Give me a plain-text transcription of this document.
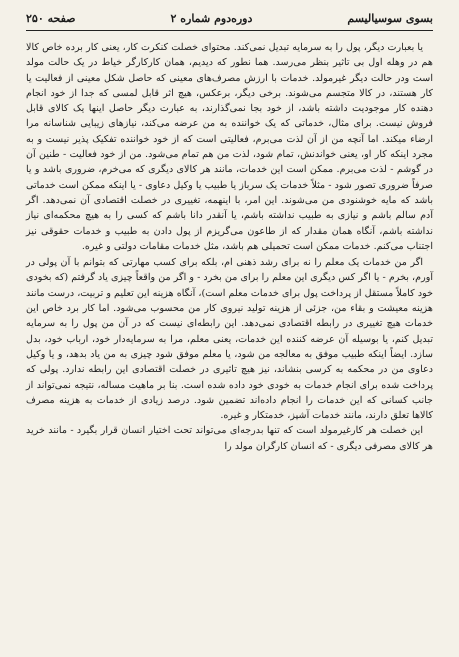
بسوی سوسیالیسم
دوره‌دوم شماره ۲
صفحه ۲۵۰

یا بعبارت دیگر، پول را به سرمایه تبدیل نمی‌کند. محتوای خصلت کنکرت کار، یعنی کار برده خاص کالا هم در وهله اول بی تاثیر بنظر می‌رسد. هما نطور که دیدیم، همان کارکارگر خیاط در یک حالت مولد است ودر حالت دیگر غیرمولد. خدمات با ارزش مصرف‌های معینی که حاصل شکل معینی از فعالیت یا کار هستند، در کالا متجسم می‌شوند. برخی دیگر، برعکس، هیچ اثر قابل لمسی که جدا از خود انجام دهنده کار موجودیت داشته باشد، از خود بجا نمی‌گذارند، به عبارت دیگر حاصل اینها یک کالای قابل فروش نیست. برای مثال، خدماتی که یک خواننده به من عرضه می‌کند، نیازهای زیبایی شناسانه مرا ارضاء میکند. اما آنچه من از آن لذت می‌برم، فعالیتی است که از خود خواننده تفکیک پذیر نیست و به مجرد اینکه کار او، یعنی خواندنش، تمام شود، لذت من هم تمام می‌شود. من از خود فعالیت - طنین آن در گوشم - لذت می‌برم. ممکن است این خدمات، مانند هر کالای دیگری که می‌خرم، ضروری باشد و یا صرفاً ضروری تصور شود - مثلاً خدمات یک سرباز یا طبیب یا وکیل دعاوی - یا اینکه ممکن است خدماتی باشد که مایه خوشنودی من می‌شوند. این امر، با اینهمه، تغییری در خصلت اقتصادی آن نمی‌دهد. اگر آدم سالم باشم و نیازی به طبیب نداشته باشم، یا آنقدر دانا باشم که کسی را به هیچ محکمه‌ای نیاز نداشته باشم، آنگاه همان مقدار که از طاعون می‌گریزم از پول دادن به طبیب و خدمات حقوقی نیز اجتناب می‌کنم. خدمات ممکن است تحمیلی هم باشد، مثل خدمات مقامات دولتی و غیره.

اگر من خدمات یک معلم را نه برای رشد ذهنی ام، بلکه برای کسب مهارتی که بتوانم با آن پولی در آورم، بخرم - یا اگر کس دیگری این معلم را برای من بخرد - و اگر من واقعاً چیزی یاد گرفتم (که بخودی خود کاملاً مستقل از پرداخت پول برای خدمات معلم است)، آنگاه هزینه این تعلیم و تربیت، درست مانند هزینه معیشت و بقاء من، جزئی از هزینه تولید نیروی کار من محسوب می‌شود. اما کار برد خاص این خدمات هیچ تغییری در رابطه اقتصادی نمی‌دهد. این رابطه‌ای نیست که در آن من پول را به سرمایه تبدیل کنم، یا بوسیله آن عرضه کننده این خدمات، یعنی معلم، مرا به سرمایه‌دار خود، ارباب خود، بدل سازد. ایضاً اینکه طبیب موفق به معالجه من شود، یا معلم موفق شود چیزی به من یاد بدهد، و یا وکیل دعاوی من در محکمه به کرسی بنشاند، نیز هیچ تاثیری در خصلت اقتصادی این رابطه ندارد. پولی که پرداخت شده برای انجام خدمات به خودی خود داده شده است. بنا بر ماهیت مساله، نتیجه نمی‌تواند از جانب کسانی که این خدمات را انجام داده‌اند تضمین شود. درصد زیادی از خدمات به هزینه مصرف کالاها تعلق دارند، مانند خدمات آشپز، خدمتکار و غیره.

این خصلت هر کارغیرمولد است که تنها بدرجه‌ای می‌تواند تحت اختیار انسان قرار بگیرد - مانند خرید هر کالای مصرفی دیگری - که انسان کارگران مولد را
